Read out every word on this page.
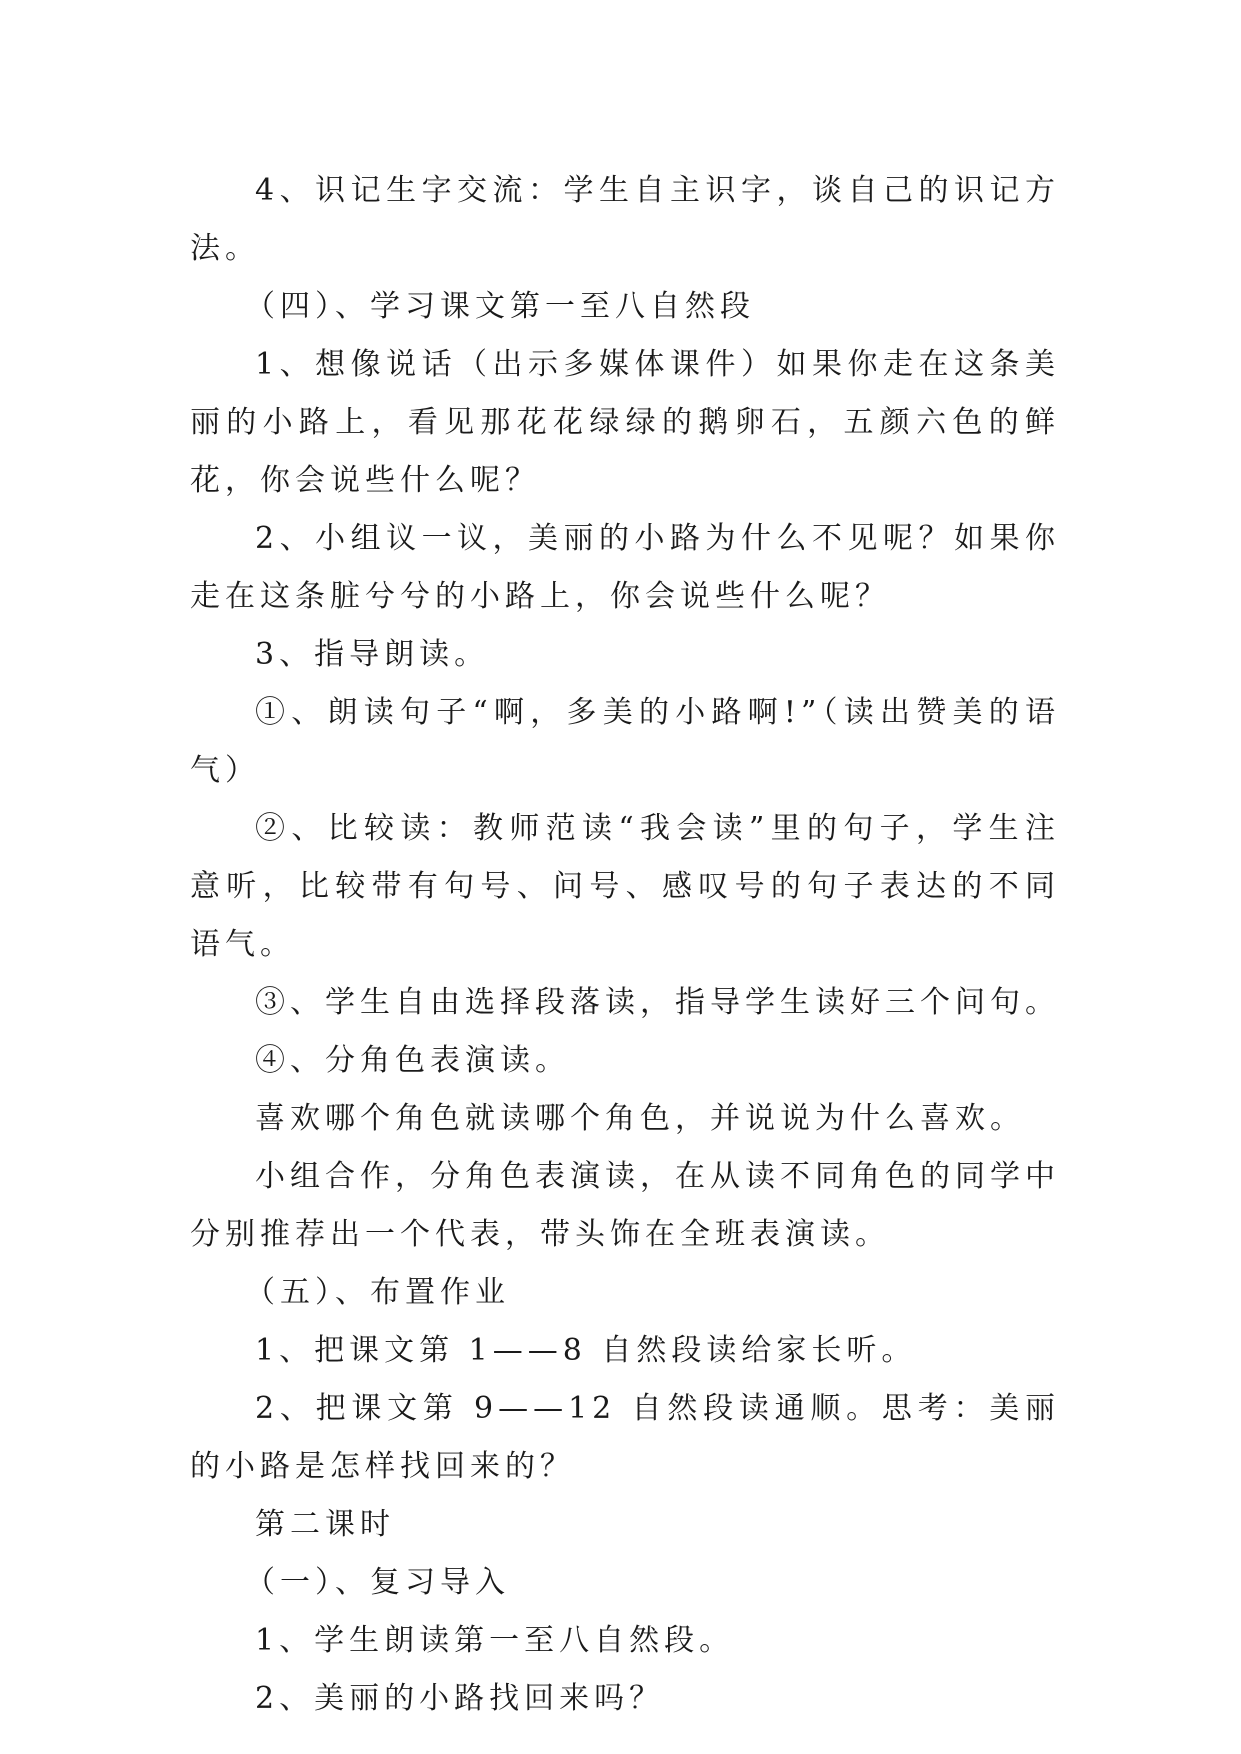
4、识记生字交流：学生自主识字，谈自己的识记方法。

（四）、学习课文第一至八自然段

1、想像说话（出示多媒体课件）如果你走在这条美丽的小路上，看见那花花绿绿的鹅卵石，五颜六色的鲜花，你会说些什么呢？

2、小组议一议，美丽的小路为什么不见呢？如果你走在这条脏兮兮的小路上，你会说些什么呢？

3、指导朗读。

①、朗读句子“啊，多美的小路啊!”（读出赞美的语气）

②、比较读：教师范读“我会读”里的句子，学生注意听，比较带有句号、问号、感叹号的句子表达的不同语气。

③、学生自由选择段落读，指导学生读好三个问句。

④、分角色表演读。

喜欢哪个角色就读哪个角色，并说说为什么喜欢。

小组合作，分角色表演读，在从读不同角色的同学中分别推荐出一个代表，带头饰在全班表演读。

（五）、布置作业

1、把课文第 1——8 自然段读给家长听。

2、把课文第 9——12 自然段读通顺。思考：美丽的小路是怎样找回来的？

第二课时

（一）、复习导入

1、学生朗读第一至八自然段。

2、美丽的小路找回来吗？
